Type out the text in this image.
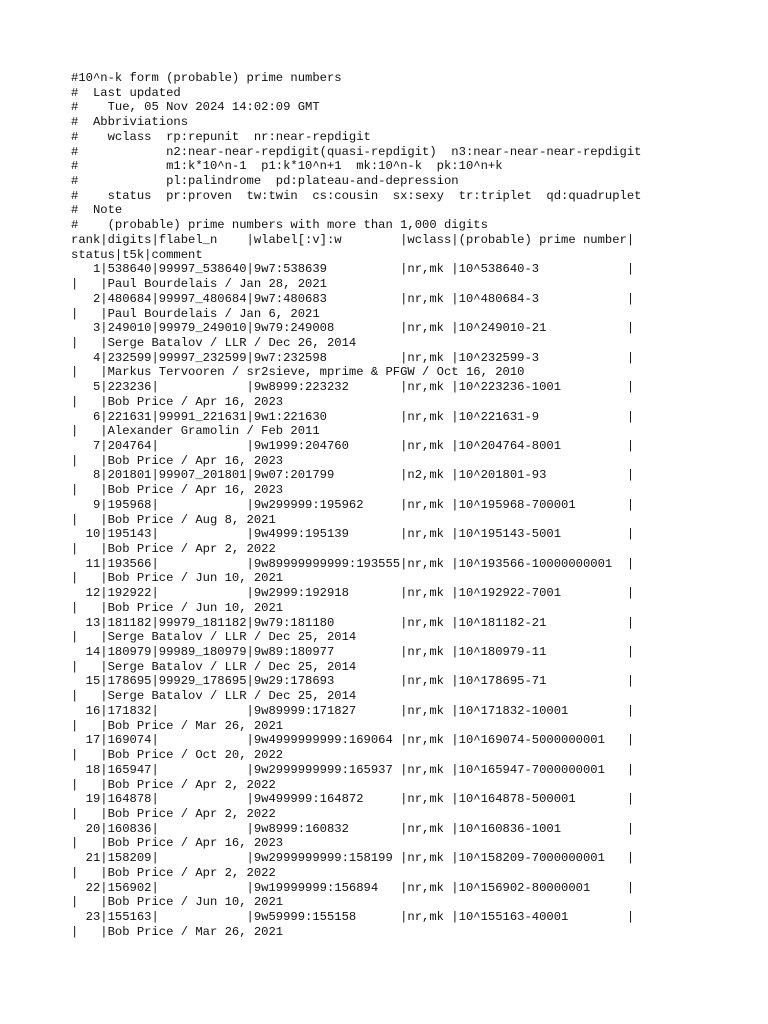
#10^n-k form (probable) prime numbers
#  Last updated
#    Tue, 05 Nov 2024 14:02:09 GMT
#  Abbriviations
#    wclass  rp:repunit  nr:near-repdigit
#            n2:near-near-repdigit(quasi-repdigit)  n3:near-near-near-repdigit
#            m1:k*10^n-1  p1:k*10^n+1  mk:10^n-k  pk:10^n+k
#            pl:palindrome  pd:plateau-and-depression
#    status  pr:proven  tw:twin  cs:cousin  sx:sexy  tr:triplet  qd:quadruplet
#  Note
#    (probable) prime numbers with more than 1,000 digits
rank|digits|flabel_n    |wlabel[:v]:w        |wclass|(probable) prime number|
status|t5k|comment
1|538640|99997_538640|9w7:538639          |nr,mk |10^538640-3            |
|   |Paul Bourdelais / Jan 28, 2021
2|480684|99997_480684|9w7:480683          |nr,mk |10^480684-3            |
|   |Paul Bourdelais / Jan 6, 2021
3|249010|99979_249010|9w79:249008         |nr,mk |10^249010-21           |
|   |Serge Batalov / LLR / Dec 26, 2014
4|232599|99997_232599|9w7:232598          |nr,mk |10^232599-3            |
|   |Markus Tervooren / sr2sieve, mprime & PFGW / Oct 16, 2010
5|223236|            |9w8999:223232       |nr,mk |10^223236-1001         |
|   |Bob Price / Apr 16, 2023
6|221631|99991_221631|9w1:221630          |nr,mk |10^221631-9            |
|   |Alexander Gramolin / Feb 2011
7|204764|            |9w1999:204760       |nr,mk |10^204764-8001         |
|   |Bob Price / Apr 16, 2023
8|201801|99907_201801|9w07:201799         |n2,mk |10^201801-93           |
|   |Bob Price / Apr 16, 2023
9|195968|            |9w299999:195962     |nr,mk |10^195968-700001       |
|   |Bob Price / Aug 8, 2021
10|195143|            |9w4999:195139       |nr,mk |10^195143-5001         |
|   |Bob Price / Apr 2, 2022
11|193566|            |9w89999999999:193555|nr,mk |10^193566-10000000001  |
|   |Bob Price / Jun 10, 2021
12|192922|            |9w2999:192918       |nr,mk |10^192922-7001         |
|   |Bob Price / Jun 10, 2021
13|181182|99979_181182|9w79:181180         |nr,mk |10^181182-21           |
|   |Serge Batalov / LLR / Dec 25, 2014
14|180979|99989_180979|9w89:180977         |nr,mk |10^180979-11           |
|   |Serge Batalov / LLR / Dec 25, 2014
15|178695|99929_178695|9w29:178693         |nr,mk |10^178695-71           |
|   |Serge Batalov / LLR / Dec 25, 2014
16|171832|            |9w89999:171827      |nr,mk |10^171832-10001        |
|   |Bob Price / Mar 26, 2021
17|169074|            |9w4999999999:169064 |nr,mk |10^169074-5000000001   |
|   |Bob Price / Oct 20, 2022
18|165947|            |9w2999999999:165937 |nr,mk |10^165947-7000000001   |
|   |Bob Price / Apr 2, 2022
19|164878|            |9w499999:164872     |nr,mk |10^164878-500001       |
|   |Bob Price / Apr 2, 2022
20|160836|            |9w8999:160832       |nr,mk |10^160836-1001         |
|   |Bob Price / Apr 16, 2023
21|158209|            |9w2999999999:158199 |nr,mk |10^158209-7000000001   |
|   |Bob Price / Apr 2, 2022
22|156902|            |9w19999999:156894   |nr,mk |10^156902-80000001     |
|   |Bob Price / Jun 10, 2021
23|155163|            |9w59999:155158      |nr,mk |10^155163-40001        |
|   |Bob Price / Mar 26, 2021
